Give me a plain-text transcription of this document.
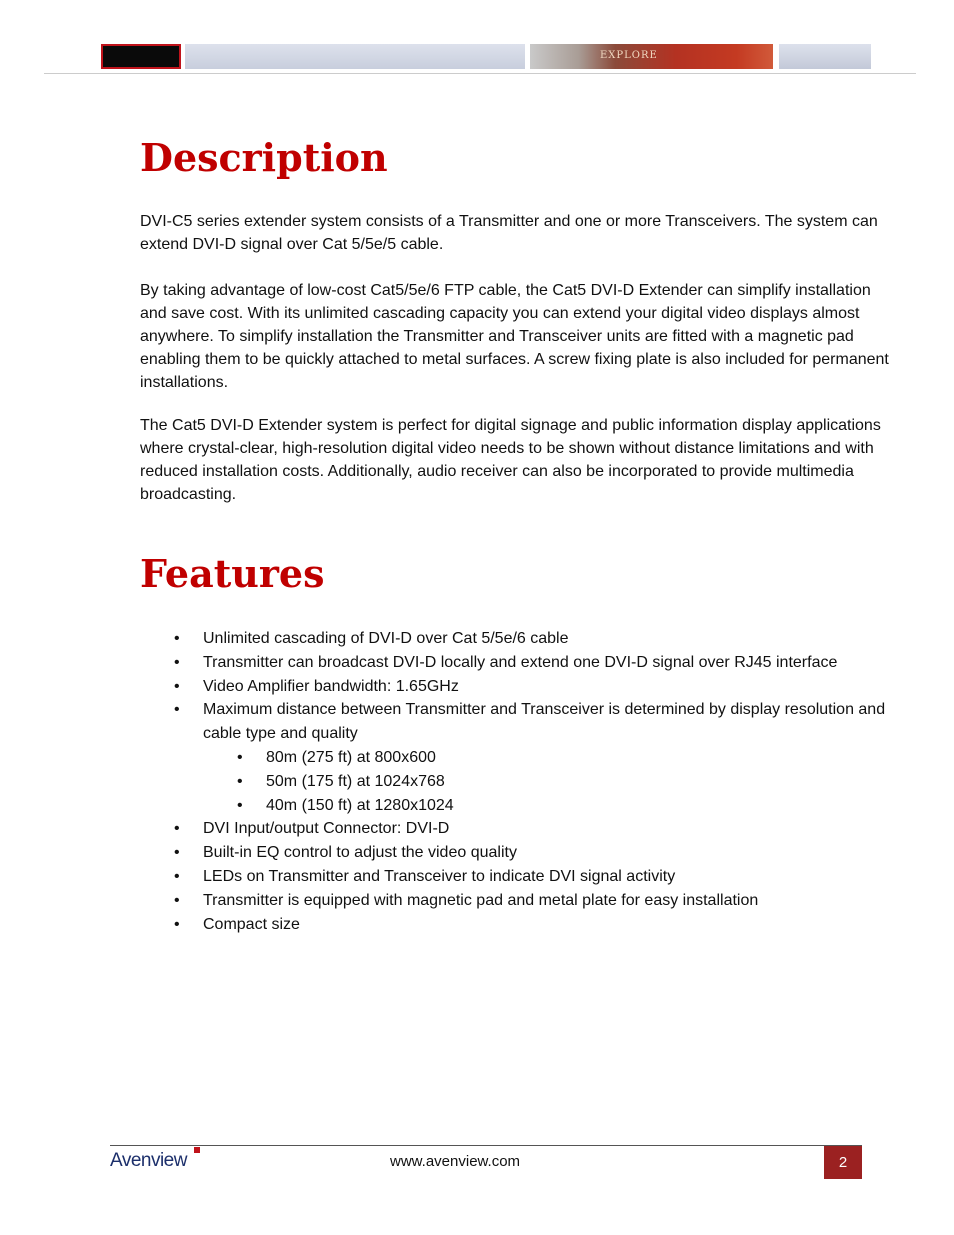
EXPLORE
Description

DVI-C5 series extender system consists of a Transmitter and one or more Transceivers. The system can extend DVI-D signal over Cat 5/5e/5 cable.

By taking advantage of low-cost Cat5/5e/6 FTP cable, the Cat5 DVI-D Extender can simplify installation and save cost. With its unlimited cascading capacity you can extend your digital video displays almost anywhere. To simplify installation the Transmitter and Transceiver units are fitted with a magnetic pad enabling them to be quickly attached to metal surfaces. A screw fixing plate is also included for permanent installations.

The Cat5 DVI-D Extender system is perfect for digital signage and public information display applications where crystal-clear, high-resolution digital video needs to be shown without distance limitations and with reduced installation costs. Additionally, audio receiver can also be incorporated to provide multimedia broadcasting.

Features
• Unlimited cascading of DVI-D over Cat 5/5e/6 cable
• Transmitter can broadcast DVI-D locally and extend one DVI-D signal over RJ45 interface
• Video Amplifier bandwidth: 1.65GHz
• Maximum distance between Transmitter and Transceiver is determined by display resolution and cable type and quality
• 80m (275 ft) at 800x600
• 50m (175 ft) at 1024x768
• 40m (150 ft) at 1280x1024
• DVI Input/output Connector: DVI-D
• Built-in EQ control to adjust the video quality
• LEDs on Transmitter and Transceiver to indicate DVI signal activity
• Transmitter is equipped with magnetic pad and metal plate for easy installation
• Compact size
Avenview	www.avenview.com	2
